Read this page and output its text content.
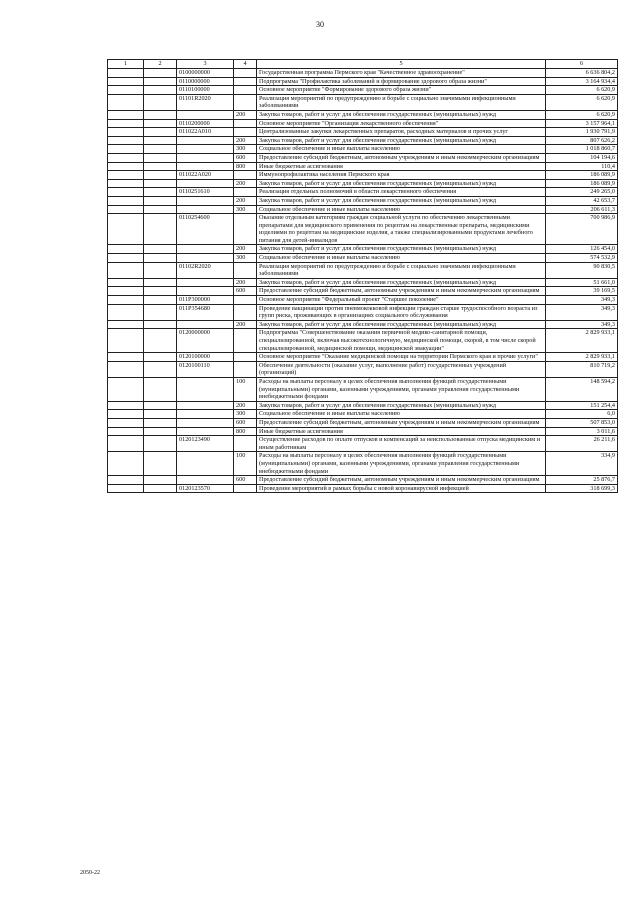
30
1	2	3	4	5	6
		0100000000		Государственная программа Пермского края "Качественное здравоохранение"	6 636 804,2
		0110000000		Подпрограмма "Профилактика заболеваний и формирование здорового образа жизни"	3 164 934,4
		0110100000		Основное мероприятие "Формирование здорового образа жизни"	6 620,9
		01101R2020		Реализация мероприятий по предупреждению и борьбе с социально значимыми инфекционными заболеваниями	6 620,9
			200	Закупка товаров, работ и услуг для обеспечения государственных (муниципальных) нужд	6 620,9
		0110200000		Основное мероприятие "Организация лекарственного обеспечения"	3 157 964,1
		011022А010		Централизованные закупки лекарственных препаратов, расходных материалов и прочих услуг	1 930 791,9
			200	Закупка товаров, работ и услуг для обеспечения государственных (муниципальных) нужд	807 626,2
			300	Социальное обеспечение и иные выплаты населению	1 018 860,7
			600	Предоставление субсидий бюджетным, автономным учреждениям и иным некоммерческим организациям	104 194,6
			800	Иные бюджетные ассигнования	110,4
		011022А020		Иммунопрофилактика населения Пермского края	186 089,9
			200	Закупка товаров, работ и услуг для обеспечения государственных (муниципальных) нужд	186 089,9
		0110251610		Реализация отдельных полномочий в области лекарственного обеспечения	249 265,0
			200	Закупка товаров, работ и услуг для обеспечения государственных (муниципальных) нужд	42 653,7
			300	Социальное обеспечение и иные выплаты населению	206 611,3
		0110254600		Оказание отдельным категориям граждан социальной услуги по обеспечению лекарственными препаратами для медицинского применения по рецептам на лекарственные препараты, медицинскими изделиями по рецептам на медицинские изделия, а также специализированными продуктами лечебного питания для детей-инвалидов	700 986,9
			200	Закупка товаров, работ и услуг для обеспечения государственных (муниципальных) нужд	126 454,0
			300	Социальное обеспечение и иные выплаты населению	574 532,9
		01102R2020		Реализация мероприятий по предупреждению и борьбе с социально значимыми инфекционными заболеваниями	90 830,5
			200	Закупка товаров, работ и услуг для обеспечения государственных (муниципальных) нужд	51 661,0
			600	Предоставление субсидий бюджетным, автономным учреждениям и иным некоммерческим организациям	39 169,5
		011Р300000		Основное мероприятие "Федеральный проект "Старшее поколение"	349,3
		011Р354680		Проведение вакцинации против пневмококковой инфекции граждан старше трудоспособного возраста из групп риска, проживающих в организациях социального обслуживания	349,3
			200	Закупка товаров, работ и услуг для обеспечения государственных (муниципальных) нужд	349,3
		0120000000		Подпрограмма "Совершенствование оказания первичной медико-санитарной помощи, специализированной, включая высокотехнологичную, медицинской помощи, скорой, в том числе скорой специализированной, медицинской помощи, медицинской эвакуации"	2 829 933,1
		0120100000		Основное мероприятие "Оказание медицинской помощи на территории Пермского края и прочие услуги"	2 829 933,1
		0120100110		Обеспечение деятельности (оказание услуг, выполнение работ) государственных учреждений (организаций)	810 719,2
			100	Расходы на выплаты персоналу в целях обеспечения выполнения функций государственными (муниципальными) органами, казенными учреждениями, органами управления государственными внебюджетными фондами	148 594,2
			200	Закупка товаров, работ и услуг для обеспечения государственных (муниципальных) нужд	151 254,4
			300	Социальное обеспечение и иные выплаты населению	6,0
			600	Предоставление субсидий бюджетным, автономным учреждениям и иным некоммерческим организациям	507 853,0
			800	Иные бюджетные ассигнования	3 011,6
		0120123490		Осуществление расходов по оплате отпусков и компенсаций за неиспользованные отпуска медицинским и иным работникам	26 211,6
			100	Расходы на выплаты персоналу в целях обеспечения выполнения функций государственными (муниципальными) органами, казенными учреждениями, органами управления государственными внебюджетными фондами	334,9
			600	Предоставление субсидий бюджетным, автономным учреждениям и иным некоммерческим организациям	25 876,7
		0120123570		Проведение мероприятий в рамках борьбы с новой коронавирусной инфекцией	318 699,3
2050-22
